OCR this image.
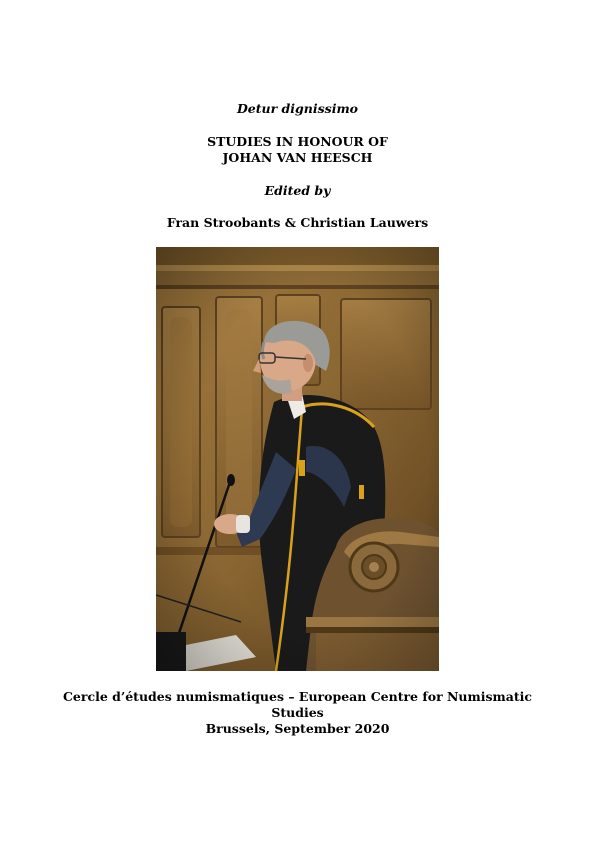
Detur dignissimo
STUDIES IN HONOUR OF
JOHAN VAN HEESCH
Edited by
Fran Stroobants & Christian Lauwers
Cercle d’études numismatiques – European Centre for Numismatic
Studies
Brussels, September 2020
